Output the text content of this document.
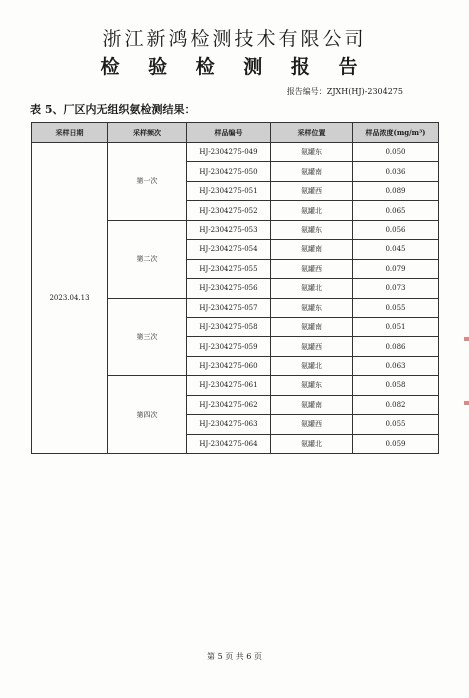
浙江新鸿检测技术有限公司
检 验 检 测 报 告
报告编号：ZJXH(HJ)-2304275
表 5、厂区内无组织氨检测结果：
采样日期	采样频次	样品编号	采样位置	样品浓度(mg/m³)
2023.04.13	第一次	HJ-2304275-049	氨罐东	0.050
		HJ-2304275-050	氨罐南	0.036
		HJ-2304275-051	氨罐西	0.089
		HJ-2304275-052	氨罐北	0.065
	第二次	HJ-2304275-053	氨罐东	0.056
		HJ-2304275-054	氨罐南	0.045
		HJ-2304275-055	氨罐西	0.079
		HJ-2304275-056	氨罐北	0.073
	第三次	HJ-2304275-057	氨罐东	0.055
		HJ-2304275-058	氨罐南	0.051
		HJ-2304275-059	氨罐西	0.086
		HJ-2304275-060	氨罐北	0.063
	第四次	HJ-2304275-061	氨罐东	0.058
		HJ-2304275-062	氨罐南	0.082
		HJ-2304275-063	氨罐西	0.055
		HJ-2304275-064	氨罐北	0.059
第 5 页 共 6 页
